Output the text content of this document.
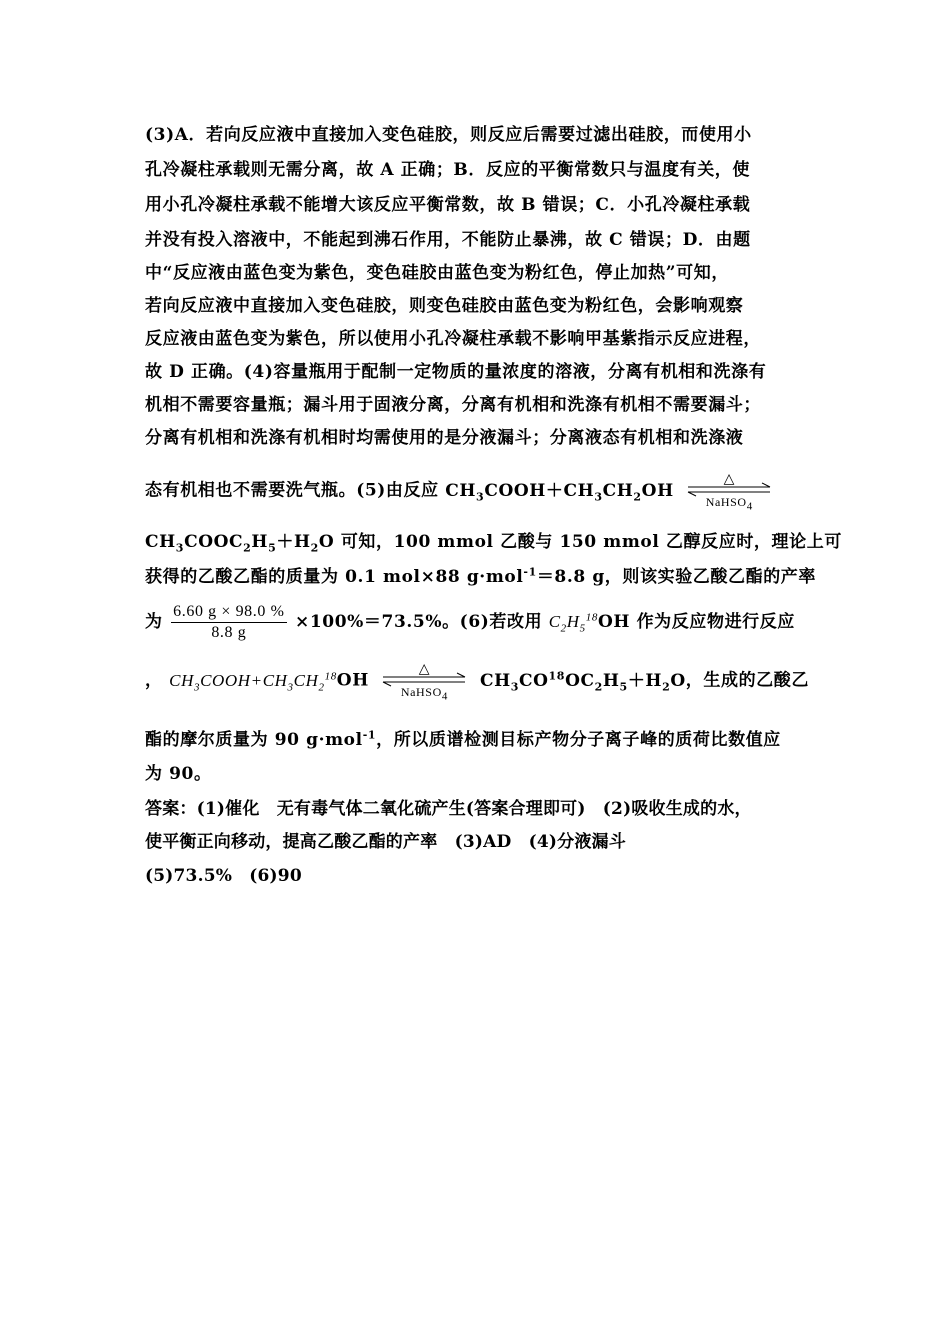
(3)A．若向反应液中直接加入变色硅胶，则反应后需要过滤出硅胶，而使用小
孔冷凝柱承载则无需分离，故 A 正确；B．反应的平衡常数只与温度有关，使
用小孔冷凝柱承载不能增大该反应平衡常数，故 B 错误；C．小孔冷凝柱承载
并没有投入溶液中，不能起到沸石作用，不能防止暴沸，故 C 错误；D．由题
中“反应液由蓝色变为紫色，变色硅胶由蓝色变为粉红色，停止加热”可知，
若向反应液中直接加入变色硅胶，则变色硅胶由蓝色变为粉红色，会影响观察
反应液由蓝色变为紫色，所以使用小孔冷凝柱承载不影响甲基紫指示反应进程，
故 D 正确。(4)容量瓶用于配制一定物质的量浓度的溶液，分离有机相和洗涤有
机相不需要容量瓶；漏斗用于固液分离，分离有机相和洗涤有机相不需要漏斗；
分离有机相和洗涤有机相时均需使用的是分液漏斗；分离液态有机相和洗涤液
态有机相也不需要洗气瓶。(5)由反应 $CH_3COOH+CH_3CH_2OH$
△
NaHSO$_4$
$CH_3COOC_2H_5+H_2O$ 可知，100 mmol 乙酸与 150 mmol 乙醇反应时，理论上可
获得的乙酸乙酯的质量为 0.1 mol×88 g·mol$^{-1}$＝8.8 g，则该实验乙酸乙酯的产率
为 $\frac{6.60 g \times 98.0 \%}{8.8 g} \times 100\%=73.5\%$。(6)若改用 $C_2H_5^{18}OH$ 作为反应物进行反应
， $CH_3COOH+CH_3CH_2^{18}OH$
△
NaHSO$_4$
$CH_3CO^{18}OC_2H_5+H_2O$，生成的乙酸乙
酯的摩尔质量为 90 g·mol$^{-1}$，所以质谱检测目标产物分子离子峰的质荷比数值应
为 90。
答案：(1)催化　无有毒气体二氧化硫产生(答案合理即可)　(2)吸收生成的水，
使平衡正向移动，提高乙酸乙酯的产率　(3)AD　(4)分液漏斗
(5)73.5%　(6)90
